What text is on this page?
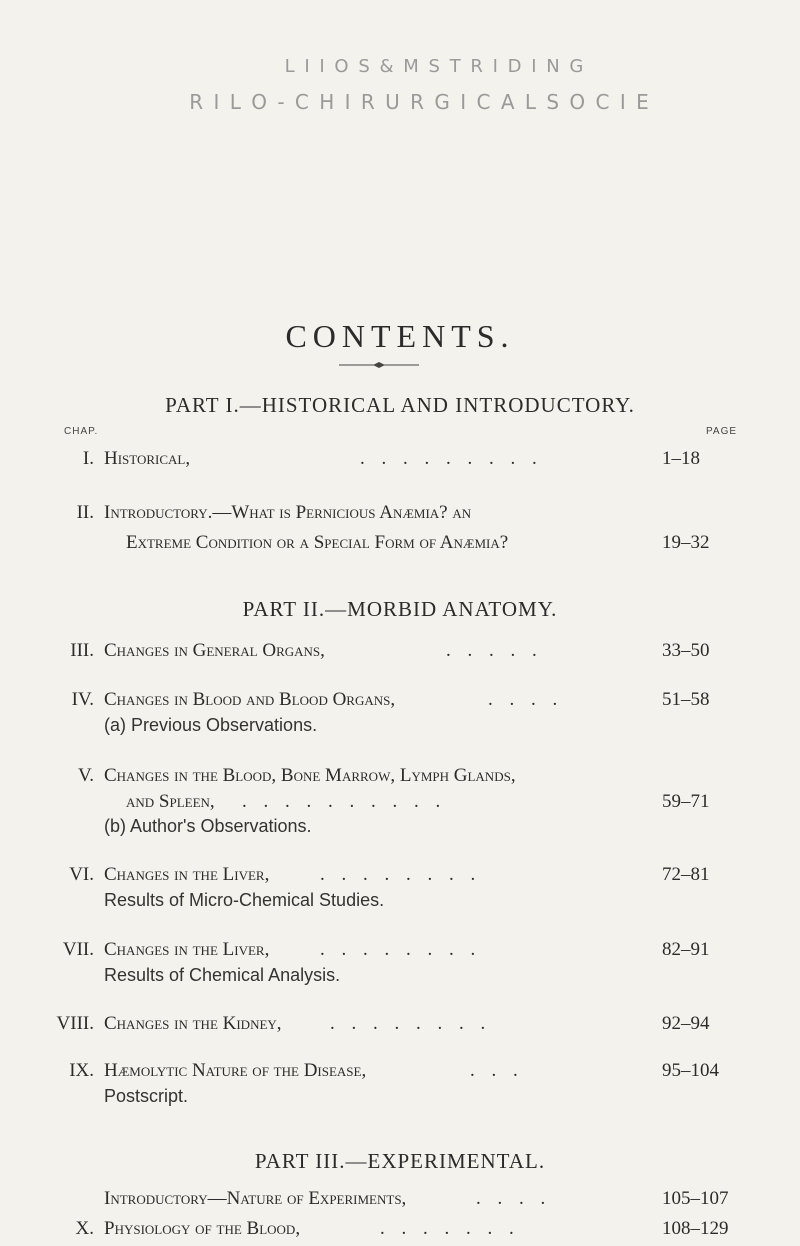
L I I O S & M S T R I D I N G
R I L O - C H I R U R G I C A L S O C I E
CONTENTS.
PART I.—HISTORICAL AND INTRODUCTORY.
CHAP.	PAGE
I. Historical,	. . . . . . . . .	1–18
II. Introductory.—What is Pernicious Anæmia? an
Extreme Condition or a Special Form of Anæmia?	19–32
PART II.—MORBID ANATOMY.
III. Changes in General Organs,	. . . . .	33–50
IV. Changes in Blood and Blood Organs,	. . . .	51–58
(a) Previous Observations.
V. Changes in the Blood, Bone Marrow, Lymph Glands,
and Spleen, . . . . . . . . . .	59–71
(b) Author's Observations.
VI. Changes in the Liver,	. . . . . . . .	72–81
Results of Micro-Chemical Studies.
VII. Changes in the Liver,	. . . . . . . .	82–91
Results of Chemical Analysis.
VIII. Changes in the Kidney,	. . . . . . . .	92–94
IX. Hæmolytic Nature of the Disease,	. . .	95–104
Postscript.
PART III.—EXPERIMENTAL.
Introductory—Nature of Experiments,	. . . .	105–107
X. Physiology of the Blood,	. . . . . . .	108–129
